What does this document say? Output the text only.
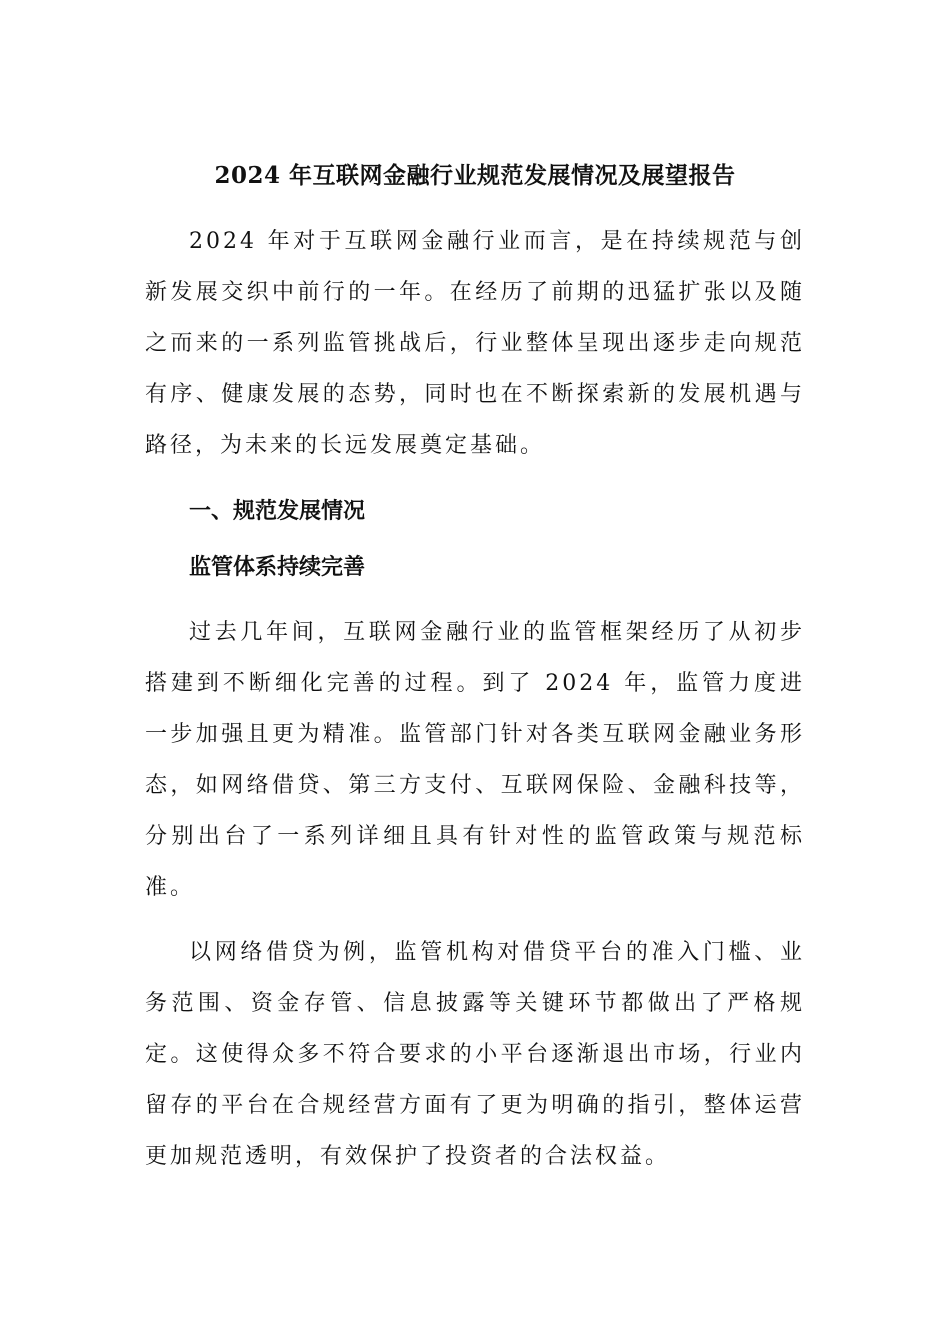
2024 年互联网金融行业规范发展情况及展望报告

2024 年对于互联网金融行业而言，是在持续规范与创新发展交织中前行的一年。在经历了前期的迅猛扩张以及随之而来的一系列监管挑战后，行业整体呈现出逐步走向规范有序、健康发展的态势，同时也在不断探索新的发展机遇与路径，为未来的长远发展奠定基础。

一、规范发展情况
监管体系持续完善

过去几年间，互联网金融行业的监管框架经历了从初步搭建到不断细化完善的过程。到了 2024 年，监管力度进一步加强且更为精准。监管部门针对各类互联网金融业务形态，如网络借贷、第三方支付、互联网保险、金融科技等，分别出台了一系列详细且具有针对性的监管政策与规范标准。

以网络借贷为例，监管机构对借贷平台的准入门槛、业务范围、资金存管、信息披露等关键环节都做出了严格规定。这使得众多不符合要求的小平台逐渐退出市场，行业内留存的平台在合规经营方面有了更为明确的指引，整体运营更加规范透明，有效保护了投资者的合法权益。
